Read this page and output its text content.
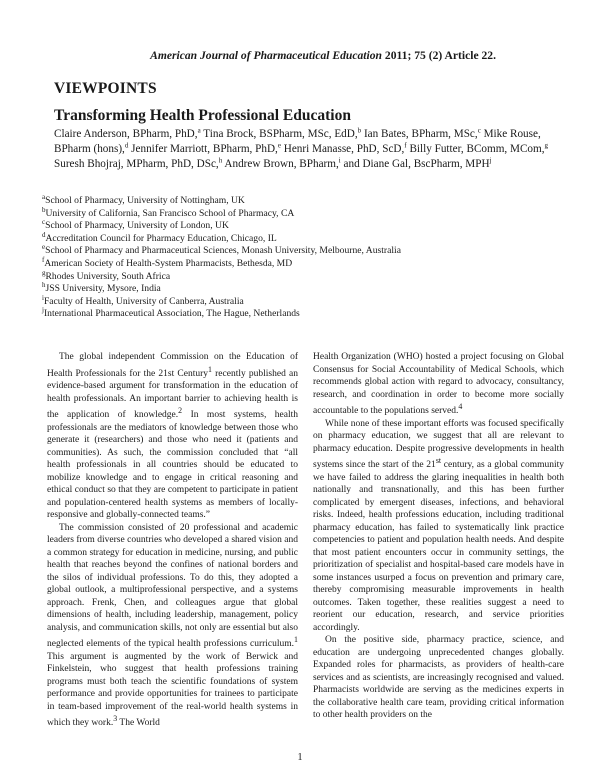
American Journal of Pharmaceutical Education 2011; 75 (2) Article 22.
VIEWPOINTS
Transforming Health Professional Education
Claire Anderson, BPharm, PhD,$^a$ Tina Brock, BSPharm, MSc, EdD,$^b$ Ian Bates, BPharm, MSc,$^c$ Mike Rouse, BPharm (hons),$^d$ Jennifer Marriott, BPharm, PhD,$^e$ Henri Manasse, PhD, ScD,$^f$ Billy Futter, BComm, MCom,$^g$ Suresh Bhojraj, MPharm, PhD, DSc,$^h$ Andrew Brown, BPharm,$^i$ and Diane Gal, BscPharm, MPH$^j$
$^a$School of Pharmacy, University of Nottingham, UK
$^b$University of California, San Francisco School of Pharmacy, CA
$^c$School of Pharmacy, University of London, UK
$^d$Accreditation Council for Pharmacy Education, Chicago, IL
$^e$School of Pharmacy and Pharmaceutical Sciences, Monash University, Melbourne, Australia
$^f$American Society of Health-System Pharmacists, Bethesda, MD
$^g$Rhodes University, South Africa
$^h$JSS University, Mysore, India
$^i$Faculty of Health, University of Canberra, Australia
$^j$International Pharmaceutical Association, The Hague, Netherlands

The global independent Commission on the Education of Health Professionals for the 21st Century$^1$ recently published an evidence-based argument for transformation in the education of health professionals. An important barrier to achieving health is the application of knowledge.$^2$ In most systems, health professionals are the mediators of knowledge between those who generate it (researchers) and those who need it (patients and communities). As such, the commission concluded that “all health professionals in all countries should be educated to mobilize knowledge and to engage in critical reasoning and ethical conduct so that they are competent to participate in patient and population-centered health systems as members of locally- responsive and globally-connected teams.”

The commission consisted of 20 professional and academic leaders from diverse countries who developed a shared vision and a common strategy for education in medicine, nursing, and public health that reaches beyond the confines of national borders and the silos of individual professions. To do this, they adopted a global outlook, a multiprofessional perspective, and a systems approach. Frenk, Chen, and colleagues argue that global dimensions of health, including leadership, management, policy analysis, and communication skills, not only are essential but also neglected elements of the typical health professions curriculum.$^1$ This argument is augmented by the work of Berwick and Finkelstein, who suggest that health professions training programs must both teach the scientific foundations of system performance and provide opportunities for trainees to participate in team-based improvement of the real-world health systems in which they work.$^3$ The World

Health Organization (WHO) hosted a project focusing on Global Consensus for Social Accountability of Medical Schools, which recommends global action with regard to advocacy, consultancy, research, and coordination in order to become more socially accountable to the populations served.$^4$

While none of these important efforts was focused specifically on pharmacy education, we suggest that all are relevant to pharmacy education. Despite progressive developments in health systems since the start of the 21st century, as a global community we have failed to address the glaring inequalities in health both nationally and transnationally, and this has been further complicated by emergent diseases, infections, and behavioral risks. Indeed, health professions education, including traditional pharmacy education, has failed to systematically link practice competencies to patient and population health needs. And despite that most patient encounters occur in community settings, the prioritization of specialist and hospital-based care models have in some instances usurped a focus on prevention and primary care, thereby compromising measurable improvements in health outcomes. Taken together, these realities suggest a need to reorient our education, research, and service priorities accordingly.

On the positive side, pharmacy practice, science, and education are undergoing unprecedented changes globally. Expanded roles for pharmacists, as providers of health-care services and as scientists, are increasingly recognised and valued. Pharmacists worldwide are serving as the medicines experts in the collaborative health care team, providing critical information to other health providers on the

1
